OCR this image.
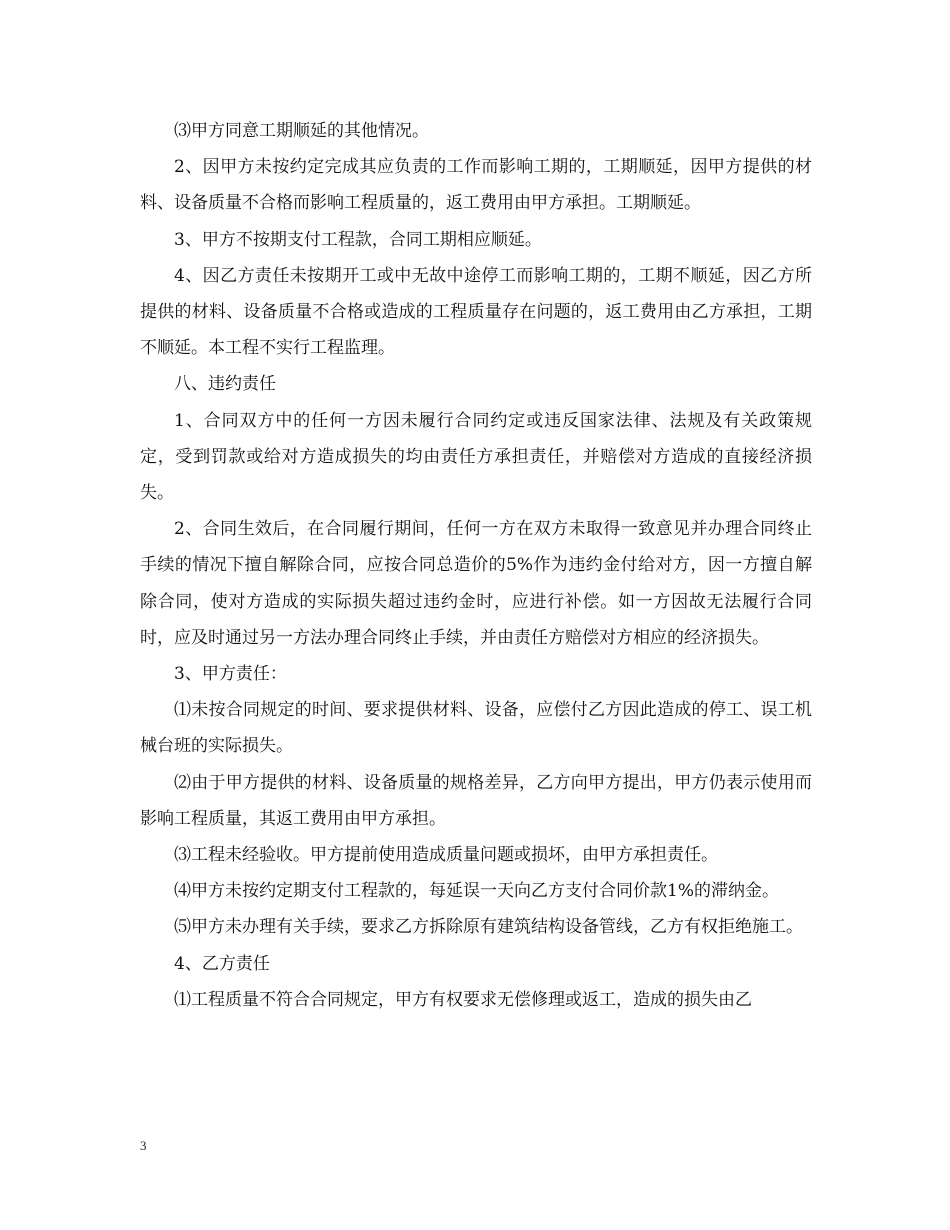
⑶甲方同意工期顺延的其他情况。

2、因甲方未按约定完成其应负责的工作而影响工期的，工期顺延，因甲方提供的材料、设备质量不合格而影响工程质量的，返工费用由甲方承担。工期顺延。

3、甲方不按期支付工程款，合同工期相应顺延。

4、因乙方责任未按期开工或中无故中途停工而影响工期的，工期不顺延，因乙方所提供的材料、设备质量不合格或造成的工程质量存在问题的，返工费用由乙方承担，工期不顺延。本工程不实行工程监理。

八、违约责任

1、合同双方中的任何一方因未履行合同约定或违反国家法律、法规及有关政策规定，受到罚款或给对方造成损失的均由责任方承担责任，并赔偿对方造成的直接经济损失。

2、合同生效后，在合同履行期间，任何一方在双方未取得一致意见并办理合同终止手续的情况下擅自解除合同，应按合同总造价的5%作为违约金付给对方，因一方擅自解除合同，使对方造成的实际损失超过违约金时，应进行补偿。如一方因故无法履行合同时，应及时通过另一方法办理合同终止手续，并由责任方赔偿对方相应的经济损失。

3、甲方责任：

⑴未按合同规定的时间、要求提供材料、设备，应偿付乙方因此造成的停工、误工机械台班的实际损失。

⑵由于甲方提供的材料、设备质量的规格差异，乙方向甲方提出，甲方仍表示使用而影响工程质量，其返工费用由甲方承担。

⑶工程未经验收。甲方提前使用造成质量问题或损坏，由甲方承担责任。

⑷甲方未按约定期支付工程款的，每延误一天向乙方支付合同价款1%的滞纳金。

⑸甲方未办理有关手续，要求乙方拆除原有建筑结构设备管线，乙方有权拒绝施工。

4、乙方责任

⑴工程质量不符合合同规定，甲方有权要求无偿修理或返工，造成的损失由乙

3
